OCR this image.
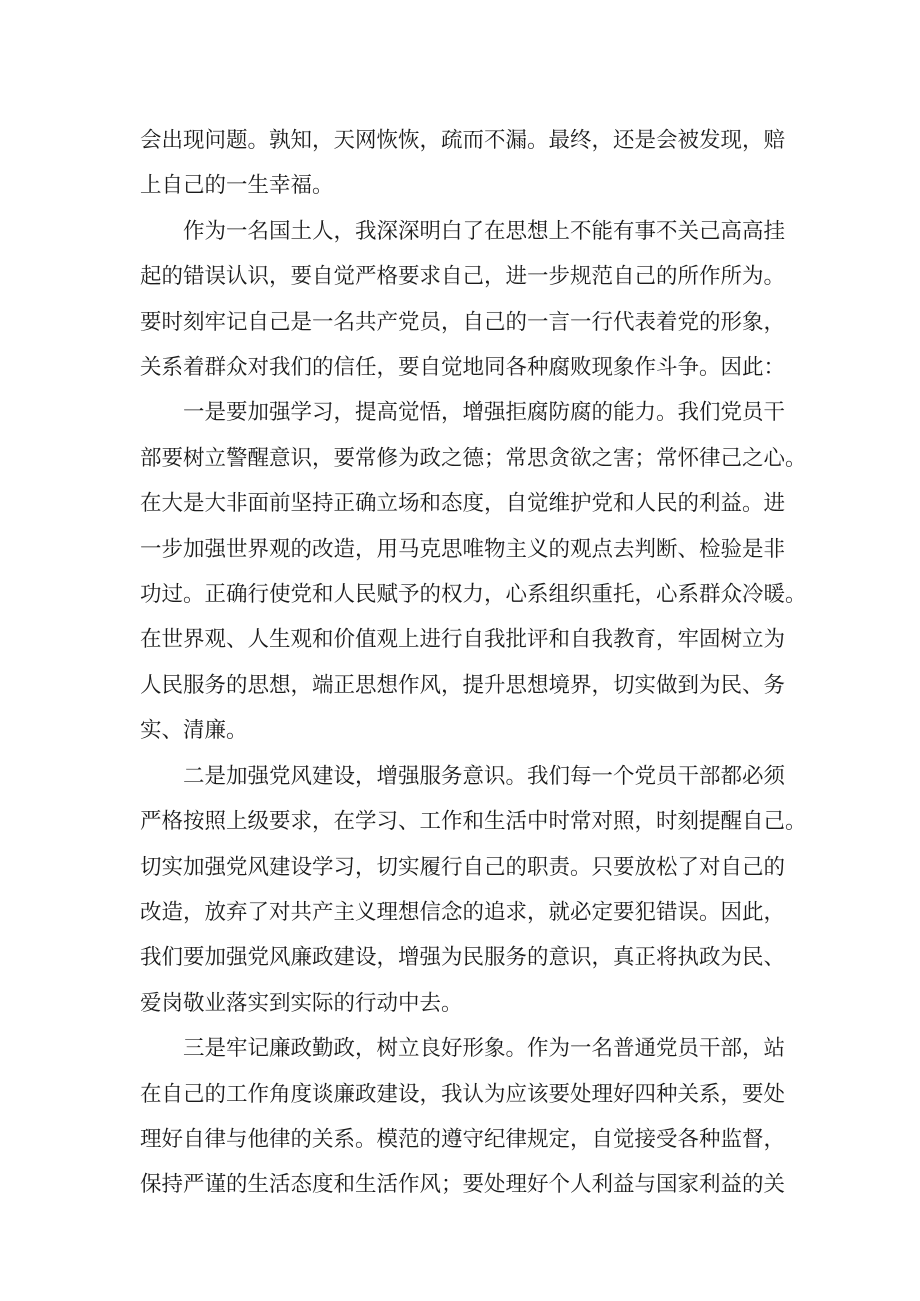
会出现问题。孰知，天网恢恢，疏而不漏。最终，还是会被发现，赔
上自己的一生幸福。

作为一名国土人，我深深明白了在思想上不能有事不关己高高挂
起的错误认识，要自觉严格要求自己，进一步规范自己的所作所为。
要时刻牢记自己是一名共产党员，自己的一言一行代表着党的形象，
关系着群众对我们的信任，要自觉地同各种腐败现象作斗争。因此：

一是要加强学习，提高觉悟，增强拒腐防腐的能力。我们党员干
部要树立警醒意识，要常修为政之德；常思贪欲之害；常怀律己之心。
在大是大非面前坚持正确立场和态度，自觉维护党和人民的利益。进
一步加强世界观的改造，用马克思唯物主义的观点去判断、检验是非
功过。正确行使党和人民赋予的权力，心系组织重托，心系群众冷暖。
在世界观、人生观和价值观上进行自我批评和自我教育，牢固树立为
人民服务的思想，端正思想作风，提升思想境界，切实做到为民、务
实、清廉。

二是加强党风建设，增强服务意识。我们每一个党员干部都必须
严格按照上级要求，在学习、工作和生活中时常对照，时刻提醒自己。
切实加强党风建设学习，切实履行自己的职责。只要放松了对自己的
改造，放弃了对共产主义理想信念的追求，就必定要犯错误。因此，
我们要加强党风廉政建设，增强为民服务的意识，真正将执政为民、
爱岗敬业落实到实际的行动中去。

三是牢记廉政勤政，树立良好形象。作为一名普通党员干部，站
在自己的工作角度谈廉政建设，我认为应该要处理好四种关系，要处
理好自律与他律的关系。模范的遵守纪律规定，自觉接受各种监督，
保持严谨的生活态度和生活作风；要处理好个人利益与国家利益的关
